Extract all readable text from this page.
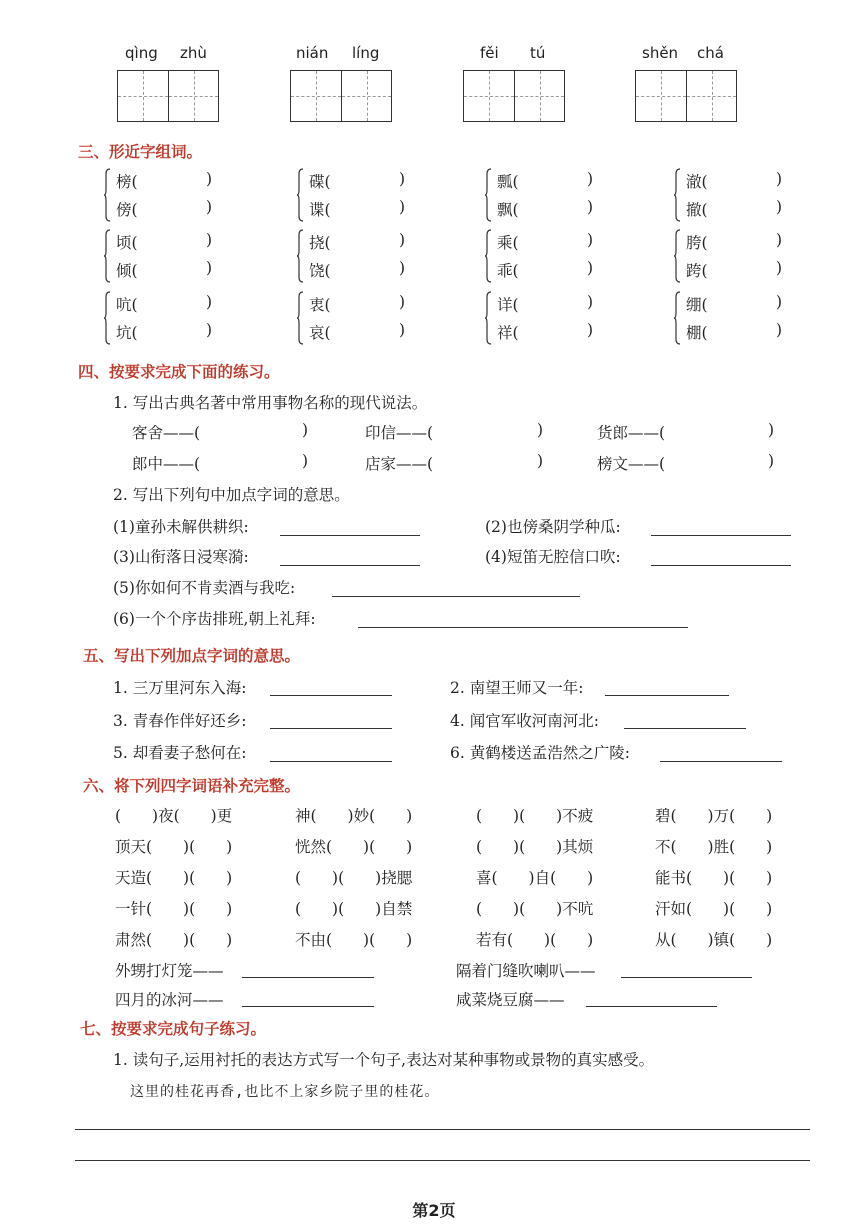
qìng zhù	nián líng	fěi tú	shěn chá
三、形近字组词。
榜(	)
傍(	)
碟(	)
谍(	)
瓢(	)
飘(	)
澈(	)
撤(	)
顷(	)
倾(	)
挠(	)
饶(	)
乘(	)
乖(	)
胯(	)
跨(	)
吭(	)
坑(	)
衷(	)
哀(	)
详(	)
祥(	)
绷(	)
棚(	)
四、按要求完成下面的练习。
1. 写出古典名著中常用事物名称的现代说法。
客舍——(	)	印信——(	)	货郎——(	)
郎中——(	)	店家——(	)	榜文——(	)
2. 写出下列句中加点字词的意思。
(1)童孙未解供耕织:	(2)也傍桑阴学种瓜:
(3)山衔落日浸寒漪:	(4)短笛无腔信口吹:
(5)你如何不肯卖酒与我吃:
(6)一个个序齿排班,朝上礼拜:
五、写出下列加点字词的意思。
1. 三万里河东入海:	2. 南望王师又一年:
3. 青春作伴好还乡:	4. 闻官军收河南河北:
5. 却看妻子愁何在:	6. 黄鹤楼送孟浩然之广陵:
六、将下列四字词语补充完整。
(　　)夜(　　)更	神(　　)妙(　　)	(　　)(　　)不疲	碧(　　)万(　　)
顶天(　　)(　　)	恍然(　　)(　　)	(　　)(　　)其烦	不(　　)胜(　　)
天造(　　)(　　)	(　　)(　　)挠腮	喜(　　)自(　　)	能书(　　)(　　)
一针(　　)(　　)	(　　)(　　)自禁	(　　)(　　)不吭	汗如(　　)(　　)
肃然(　　)(　　)	不由(　　)(　　)	若有(　　)(　　)	从(　　)镇(　　)
外甥打灯笼——	隔着门缝吹喇叭——
四月的冰河——	咸菜烧豆腐——
七、按要求完成句子练习。
1. 读句子,运用衬托的表达方式写一个句子,表达对某种事物或景物的真实感受。
这里的桂花再香,也比不上家乡院子里的桂花。
第2页
